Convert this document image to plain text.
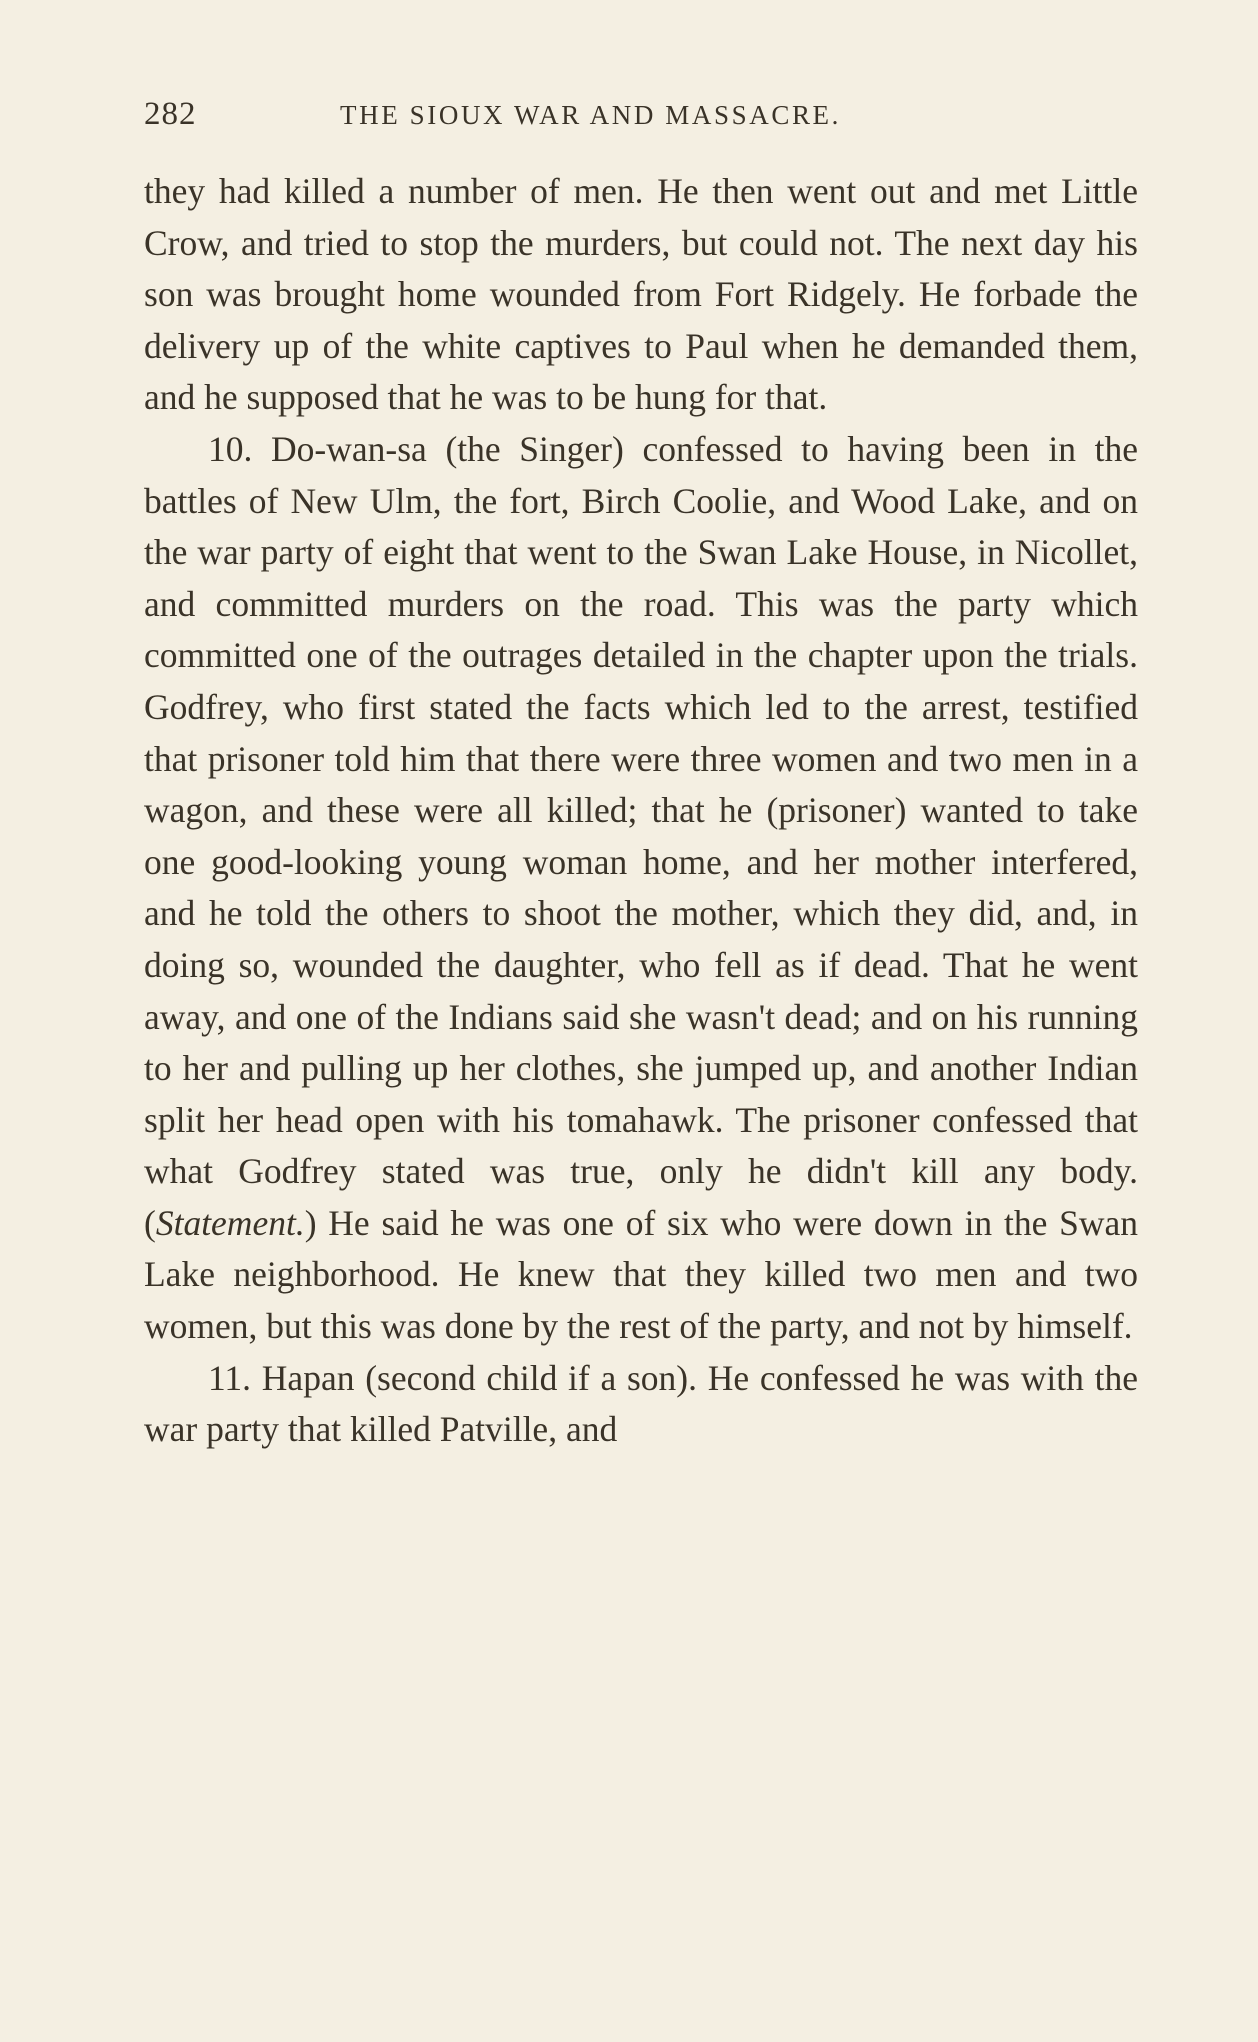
282	THE SIOUX WAR AND MASSACRE.

they had killed a number of men. He then went out and met Little Crow, and tried to stop the murders, but could not. The next day his son was brought home wounded from Fort Ridgely. He forbade the delivery up of the white captives to Paul when he demanded them, and he supposed that he was to be hung for that.

10. Do-wan-sa (the Singer) confessed to having been in the battles of New Ulm, the fort, Birch Coolie, and Wood Lake, and on the war party of eight that went to the Swan Lake House, in Nicollet, and committed murders on the road. This was the party which committed one of the outrages detailed in the chapter upon the trials. Godfrey, who first stated the facts which led to the arrest, testified that prisoner told him that there were three women and two men in a wagon, and these were all killed; that he (prisoner) wanted to take one good-looking young woman home, and her mother interfered, and he told the others to shoot the mother, which they did, and, in doing so, wounded the daughter, who fell as if dead. That he went away, and one of the Indians said she wasn't dead; and on his running to her and pulling up her clothes, she jumped up, and another Indian split her head open with his tomahawk. The prisoner confessed that what Godfrey stated was true, only he didn't kill any body. (Statement.) He said he was one of six who were down in the Swan Lake neighborhood. He knew that they killed two men and two women, but this was done by the rest of the party, and not by himself.

11. Hapan (second child if a son). He confessed he was with the war party that killed Patville, and
